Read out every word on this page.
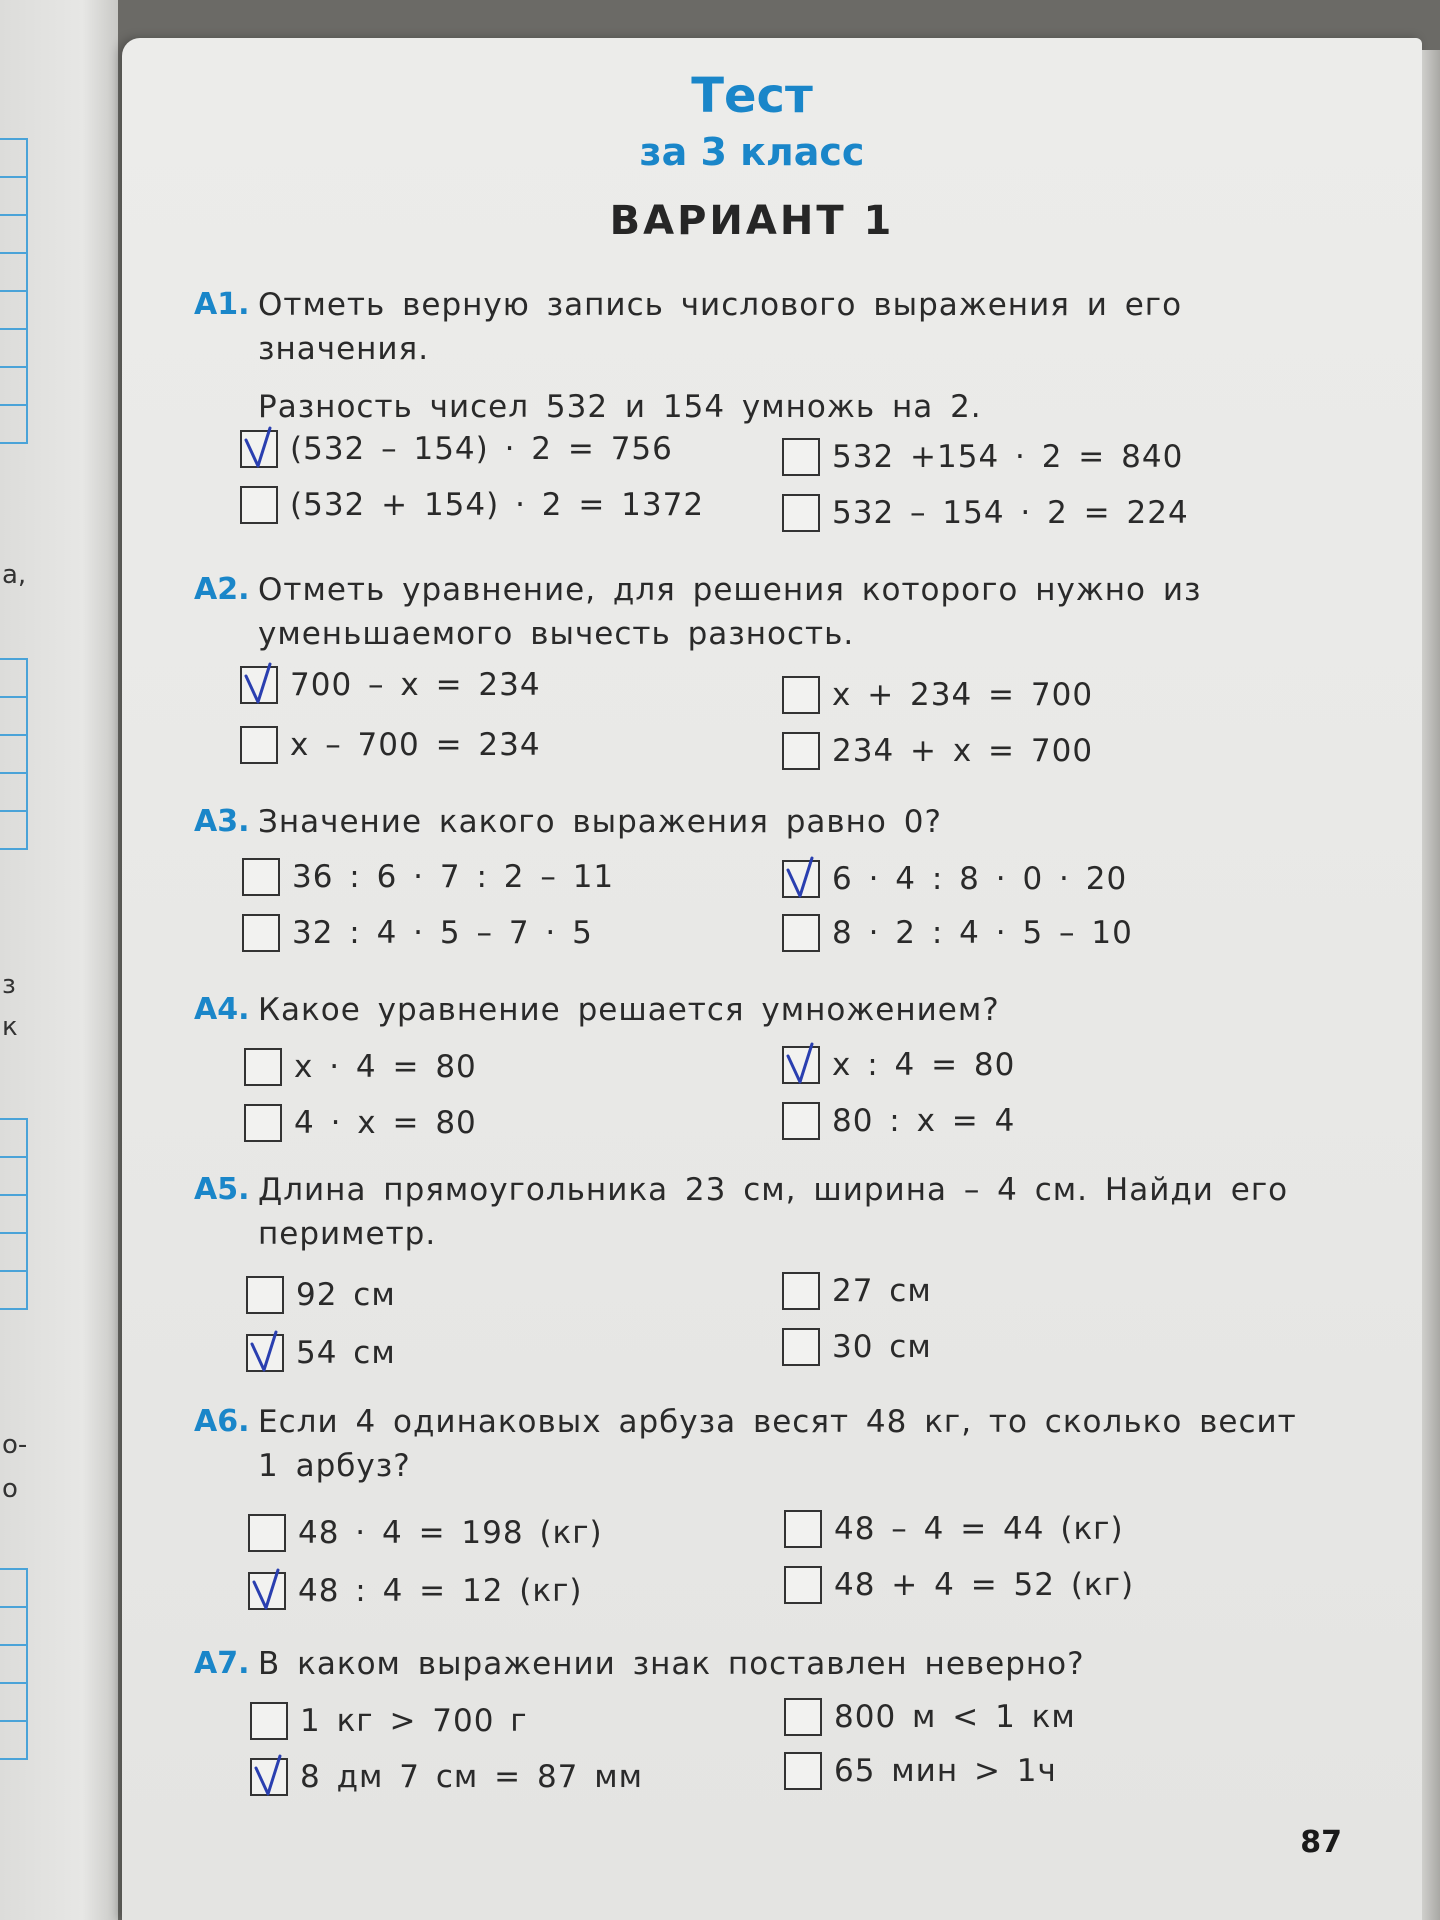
а,
з
к
о-
о
Тест
за 3 класс
ВАРИАНТ 1
А1. Отметь верную запись числового выражения и его значения.
Разность чисел 532 и 154 умножь на 2.
(532 – 154) · 2 = 756
(532 + 154) · 2 = 1372
532 +154 · 2 = 840
532 – 154 · 2 = 224
А2. Отметь уравнение, для решения которого нужно из уменьшаемого вычесть разность.
700 – x = 234
x – 700 = 234
x + 234 = 700
234 + x = 700
А3. Значение какого выражения равно 0?
36 : 6 · 7 : 2 – 11
32 : 4 · 5 – 7 · 5
6 · 4 : 8 · 0 · 20
8 · 2 : 4 · 5 – 10
А4. Какое уравнение решается умножением?
x · 4 = 80
4 · x = 80
x : 4 = 80
80 : x = 4
А5. Длина прямоугольника 23 см, ширина – 4 см. Найди его периметр.
92 см
54 см
27 см
30 см
А6. Если 4 одинаковых арбуза весят 48 кг, то сколько весит 1 арбуз?
48 · 4 = 198 (кг)
48 : 4 = 12 (кг)
48 – 4 = 44 (кг)
48 + 4 = 52 (кг)
А7. В каком выражении знак поставлен неверно?
1 кг > 700 г
8 дм 7 см = 87 мм
800 м < 1 км
65 мин > 1ч
87
